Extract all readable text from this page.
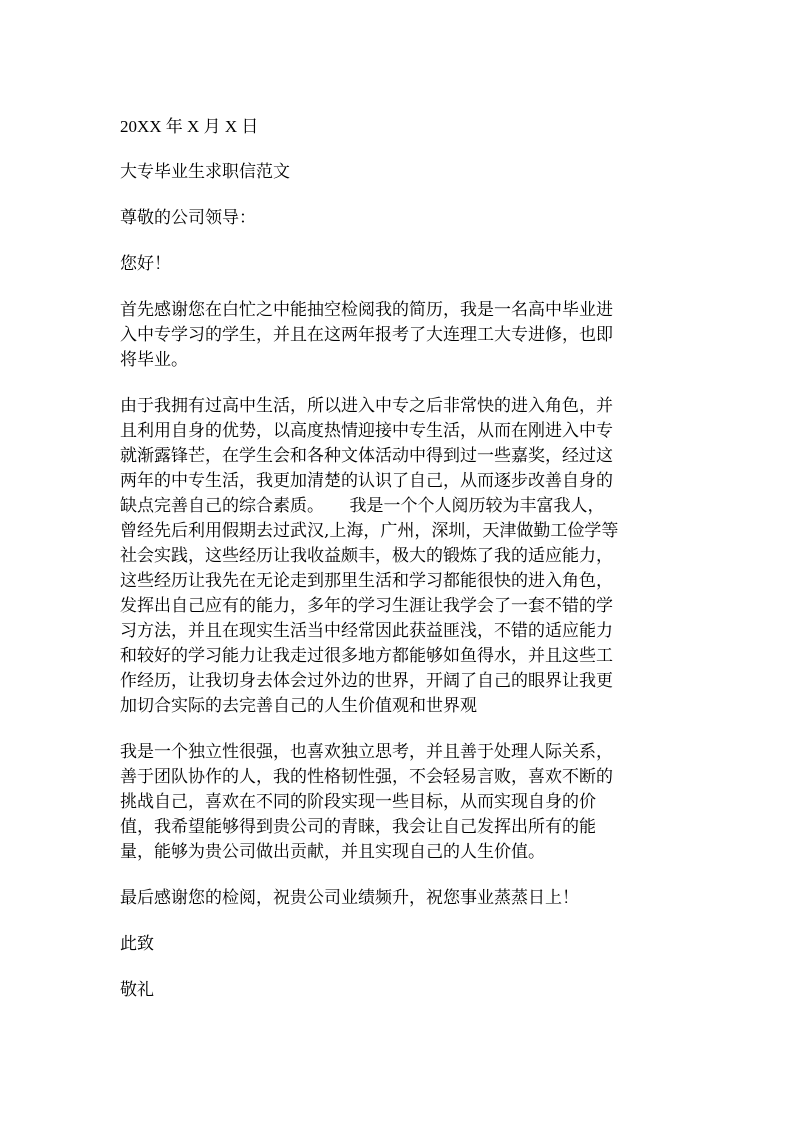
20XX 年 X 月 X 日

大专毕业生求职信范文

尊敬的公司领导：

您好！

首先感谢您在白忙之中能抽空检阅我的简历，我是一名高中毕业进
入中专学习的学生，并且在这两年报考了大连理工大专进修，也即
将毕业。

由于我拥有过高中生活，所以进入中专之后非常快的进入角色，并
且利用自身的优势，以高度热情迎接中专生活，从而在刚进入中专
就渐露锋芒，在学生会和各种文体活动中得到过一些嘉奖，经过这
两年的中专生活，我更加清楚的认识了自己，从而逐步改善自身的
缺点完善自己的综合素质。　　我是一个个人阅历较为丰富我人，
曾经先后利用假期去过武汉,上海，广州，深圳，天津做勤工俭学等
社会实践，这些经历让我收益颇丰，极大的锻炼了我的适应能力，
这些经历让我先在无论走到那里生活和学习都能很快的进入角色，
发挥出自己应有的能力，多年的学习生涯让我学会了一套不错的学
习方法，并且在现实生活当中经常因此获益匪浅，不错的适应能力
和较好的学习能力让我走过很多地方都能够如鱼得水，并且这些工
作经历，让我切身去体会过外边的世界，开阔了自己的眼界让我更
加切合实际的去完善自己的人生价值观和世界观

我是一个独立性很强，也喜欢独立思考，并且善于处理人际关系，
善于团队协作的人，我的性格韧性强，不会轻易言败，喜欢不断的
挑战自己，喜欢在不同的阶段实现一些目标，从而实现自身的价
值，我希望能够得到贵公司的青睐，我会让自己发挥出所有的能
量，能够为贵公司做出贡献，并且实现自己的人生价值。

最后感谢您的检阅，祝贵公司业绩频升，祝您事业蒸蒸日上！

此致

敬礼
